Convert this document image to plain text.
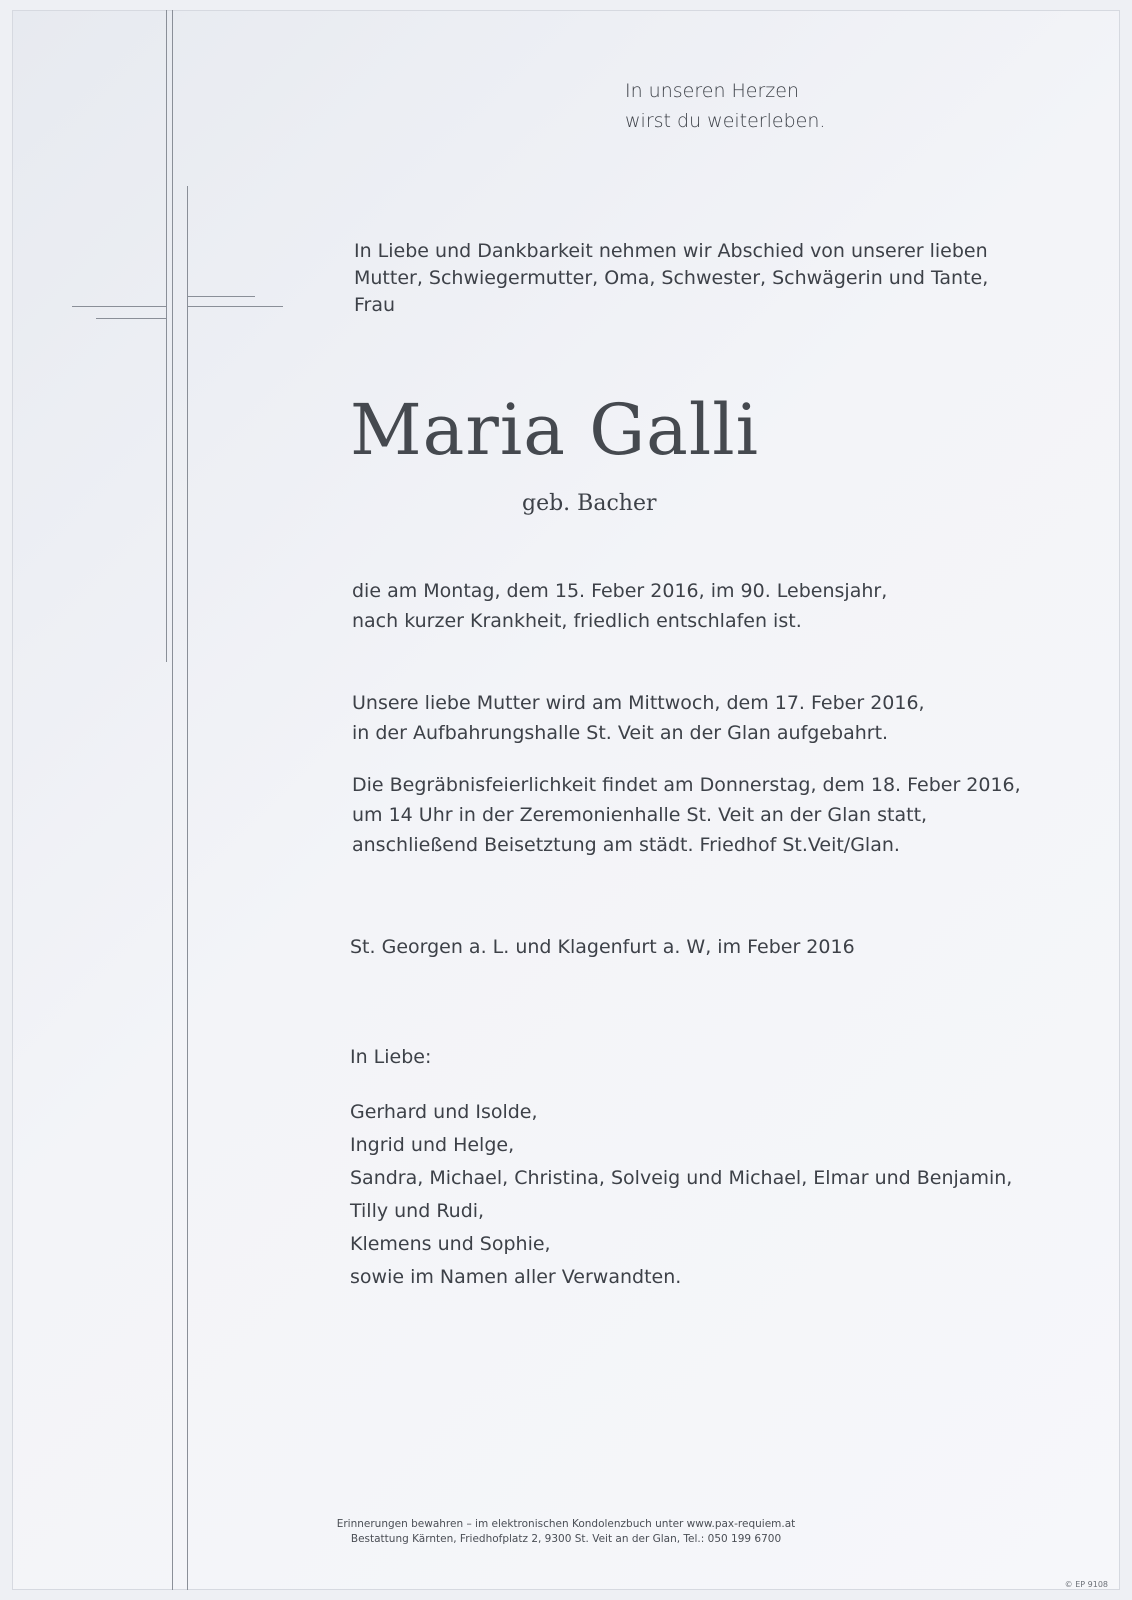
In unseren Herzen
wirst du weiterleben.
In Liebe und Dankbarkeit nehmen wir Abschied von unserer lieben
Mutter, Schwiegermutter, Oma, Schwester, Schwägerin und Tante,
Frau
Maria Galli
geb. Bacher
die am Montag, dem 15. Feber 2016, im 90. Lebensjahr,
nach kurzer Krankheit, friedlich entschlafen ist.
Unsere liebe Mutter wird am Mittwoch, dem 17. Feber 2016,
in der Aufbahrungshalle St. Veit an der Glan aufgebahrt.
Die Begräbnisfeierlichkeit findet am Donnerstag, dem 18. Feber 2016,
um 14 Uhr in der Zeremonienhalle St. Veit an der Glan statt,
anschließend Beisetztung am städt. Friedhof St.Veit/Glan.
St. Georgen a. L. und Klagenfurt a. W, im Feber 2016
In Liebe:
Gerhard und Isolde,
Ingrid und Helge,
Sandra, Michael, Christina, Solveig und Michael, Elmar und Benjamin,
Tilly und Rudi,
Klemens und Sophie,
sowie im Namen aller Verwandten.
Erinnerungen bewahren – im elektronischen Kondolenzbuch unter www.pax-requiem.at
Bestattung Kärnten, Friedhofplatz 2, 9300 St. Veit an der Glan, Tel.: 050 199 6700
© EP 9108
